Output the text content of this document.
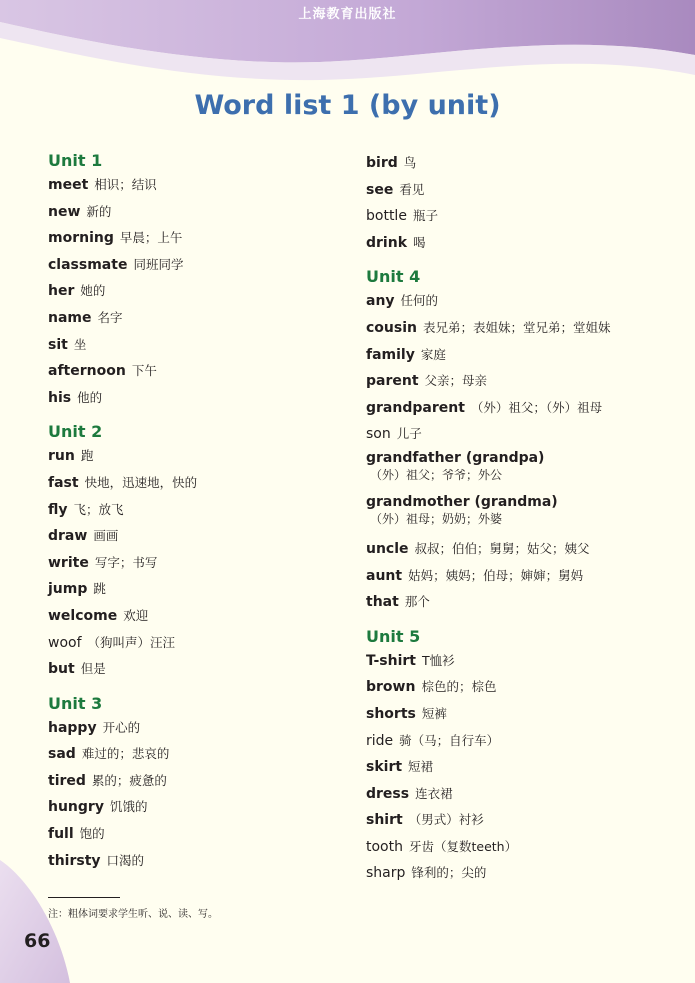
上海教育出版社
Word list 1 (by unit)
Unit 1
meet 相识；结识
new 新的
morning 早晨；上午
classmate 同班同学
her 她的
name 名字
sit 坐
afternoon 下午
his 他的
Unit 2
run 跑
fast 快地，迅速地，快的
fly 飞；放飞
draw 画画
write 写字；书写
jump 跳
welcome 欢迎
woof （狗叫声）汪汪
but 但是
Unit 3
happy 开心的
sad 难过的；悲哀的
tired 累的；疲惫的
hungry 饥饿的
full 饱的
thirsty 口渴的
bird 鸟
see 看见
bottle 瓶子
drink 喝
Unit 4
any 任何的
cousin 表兄弟；表姐妹；堂兄弟；堂姐妹
family 家庭
parent 父亲；母亲
grandparent （外）祖父；（外）祖母
son 儿子
grandfather (grandpa)
（外）祖父；爷爷；外公
grandmother (grandma)
（外）祖母；奶奶；外婆
uncle 叔叔；伯伯；舅舅；姑父；姨父
aunt 姑妈；姨妈；伯母；婶婶；舅妈
that 那个
Unit 5
T-shirt T恤衫
brown 棕色的；棕色
shorts 短裤
ride 骑（马；自行车）
skirt 短裙
dress 连衣裙
shirt （男式）衬衫
tooth 牙齿（复数teeth）
sharp 锋利的；尖的
注：粗体词要求学生听、说、读、写。
66
